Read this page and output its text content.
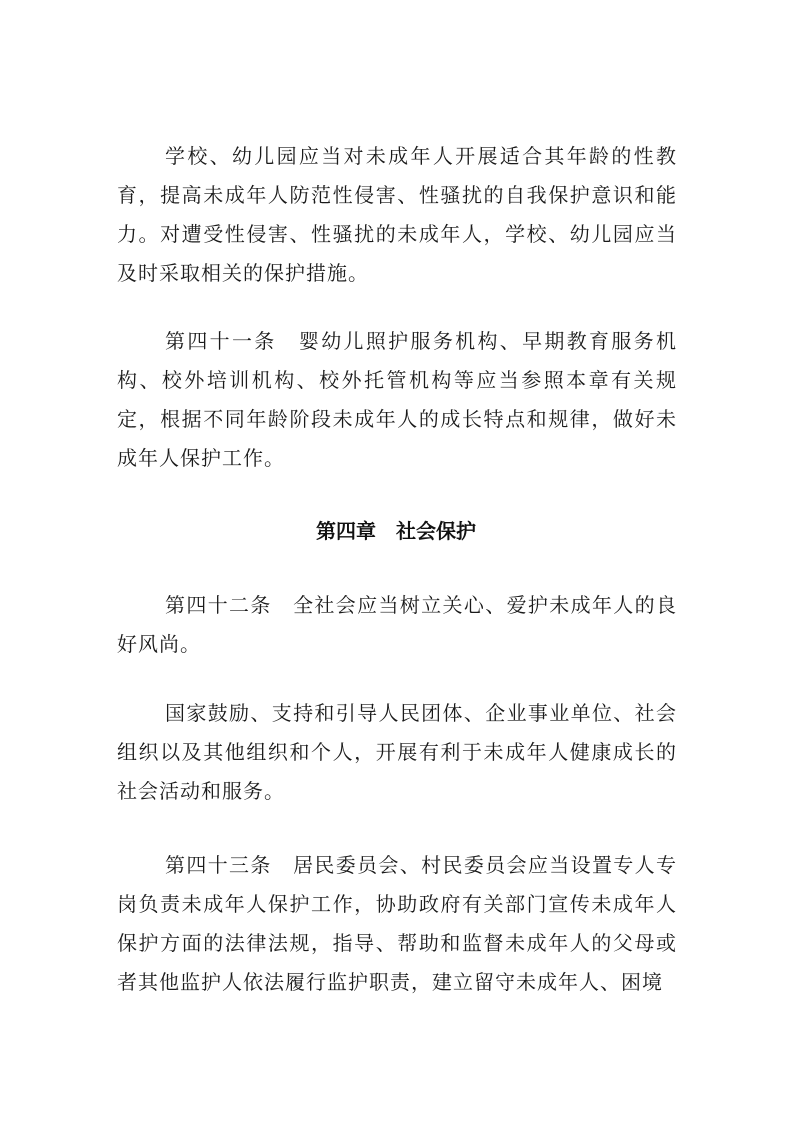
学校、幼儿园应当对未成年人开展适合其年龄的性教育，提高未成年人防范性侵害、性骚扰的自我保护意识和能力。对遭受性侵害、性骚扰的未成年人，学校、幼儿园应当及时采取相关的保护措施。

第四十一条　婴幼儿照护服务机构、早期教育服务机构、校外培训机构、校外托管机构等应当参照本章有关规定，根据不同年龄阶段未成年人的成长特点和规律，做好未成年人保护工作。

第四章　社会保护

第四十二条　全社会应当树立关心、爱护未成年人的良好风尚。

国家鼓励、支持和引导人民团体、企业事业单位、社会组织以及其他组织和个人，开展有利于未成年人健康成长的社会活动和服务。

第四十三条　居民委员会、村民委员会应当设置专人专岗负责未成年人保护工作，协助政府有关部门宣传未成年人保护方面的法律法规，指导、帮助和监督未成年人的父母或者其他监护人依法履行监护职责，建立留守未成年人、困境
